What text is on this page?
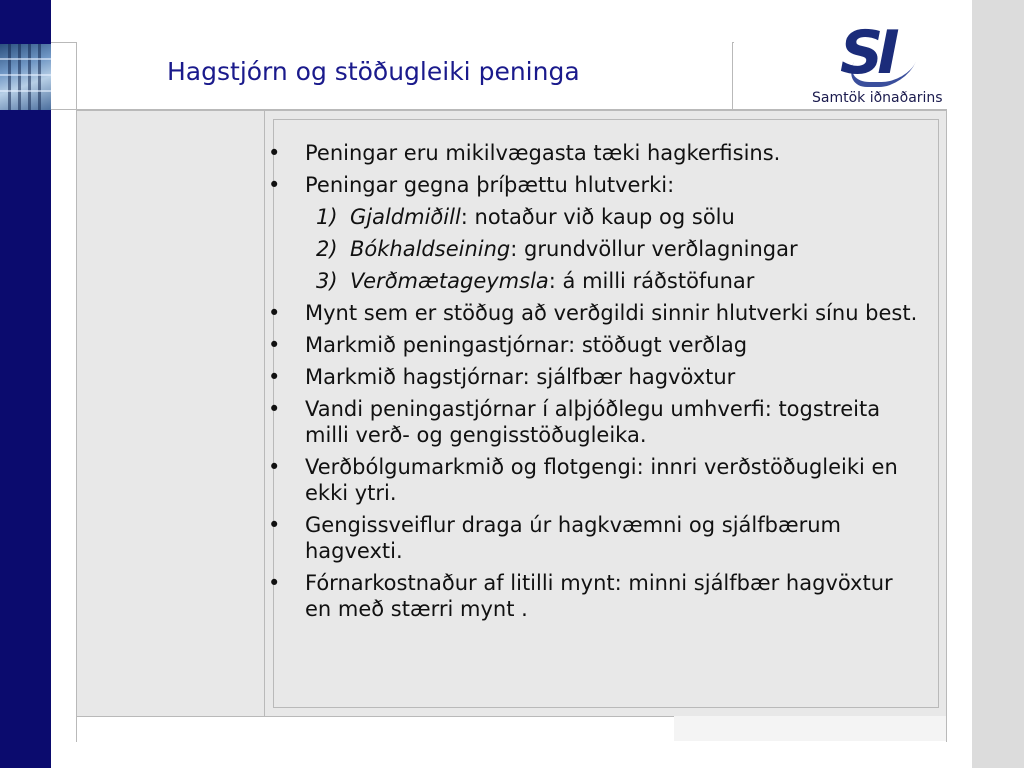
Hagstjórn og stöðugleiki peninga	SI
Samtök iðnaðarins
• Peningar eru mikilvægasta tæki hagkerfisins.
• Peningar gegna þríþættu hlutverki:
1) Gjaldmiðill: notaður við kaup og sölu
2) Bókhaldseining: grundvöllur verðlagningar
3) Verðmætageymsla: á milli ráðstöfunar
• Mynt sem er stöðug að verðgildi sinnir hlutverki sínu best.
• Markmið peningastjórnar: stöðugt verðlag
• Markmið hagstjórnar: sjálfbær hagvöxtur
• Vandi peningastjórnar í alþjóðlegu umhverfi: togstreita milli verð- og gengisstöðugleika.
• Verðbólgumarkmið og flotgengi: innri verðstöðugleiki en ekki ytri.
• Gengissveiflur draga úr hagkvæmni og sjálfbærum hagvexti.
• Fórnarkostnaður af litilli mynt: minni sjálfbær hagvöxtur en með stærri mynt .
